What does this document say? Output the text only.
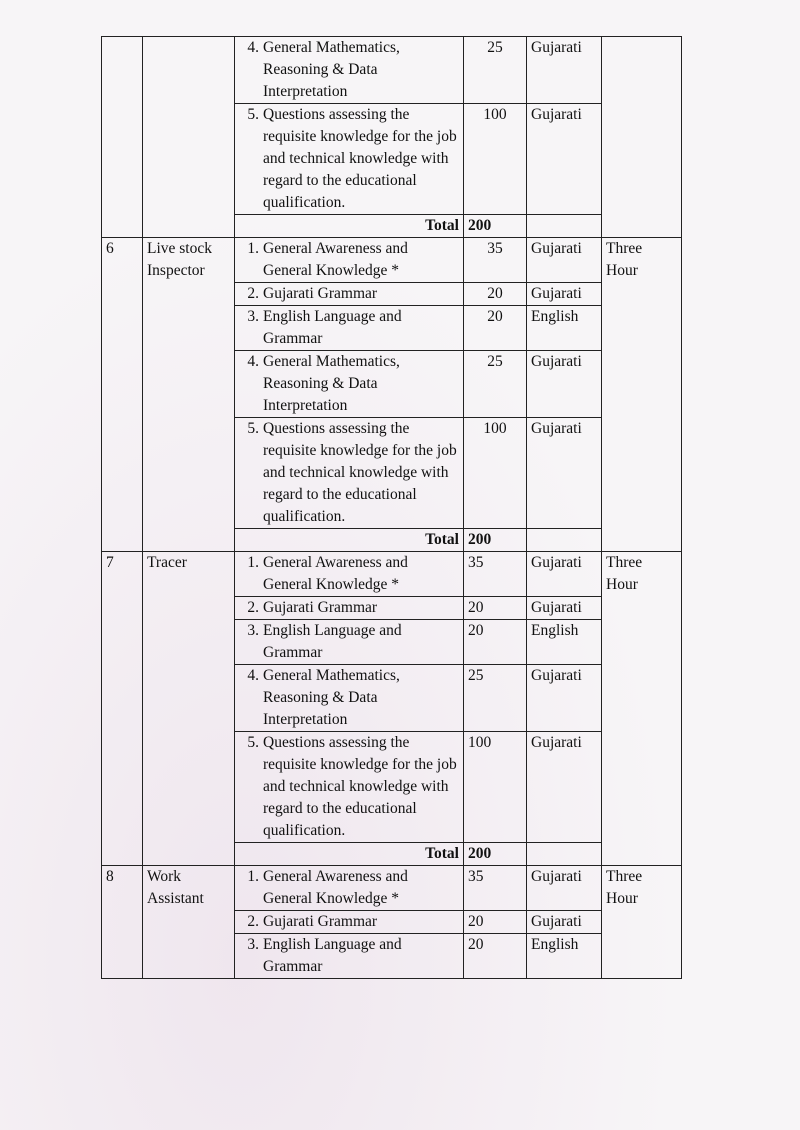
		4. General Mathematics, Reasoning & Data Interpretation	25	Gujarati	

		5. Questions assessing the requisite knowledge for the job and technical knowledge with regard to the educational qualification.	100	Gujarati	
		Total	200		
6	Live stock Inspector	1. General Awareness and General Knowledge *	35	Gujarati	Three Hour

		2. Gujarati Grammar	20	Gujarati	

		3. English Language and Grammar	20	English	

		4. General Mathematics, Reasoning & Data Interpretation	25	Gujarati	

		5. Questions assessing the requisite knowledge for the job and technical knowledge with regard to the educational qualification.	100	Gujarati	
		Total	200		
7	Tracer	1. General Awareness and General Knowledge *	35	Gujarati	Three Hour

		2. Gujarati Grammar	20	Gujarati	

		3. English Language and Grammar	20	English	

		4. General Mathematics, Reasoning & Data Interpretation	25	Gujarati	

		5. Questions assessing the requisite knowledge for the job and technical knowledge with regard to the educational qualification.	100	Gujarati	
		Total	200		
8	Work Assistant	1. General Awareness and General Knowledge *	35	Gujarati	Three Hour

		2. Gujarati Grammar	20	Gujarati	

		3. English Language and Grammar	20	English	
